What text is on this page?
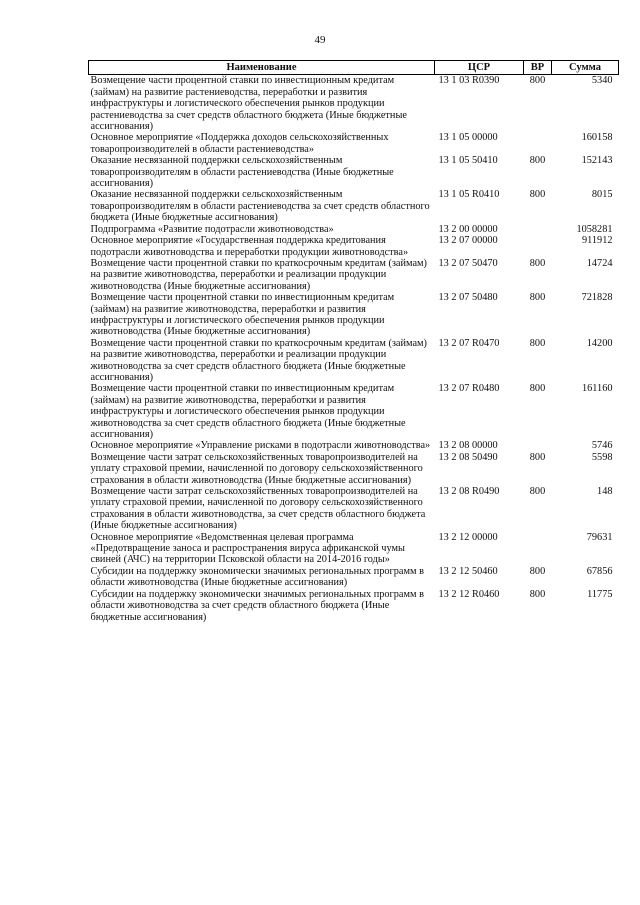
49
Наименование	ЦСР	ВР	Сумма
Возмещение части процентной ставки по инвестиционным кредитам (займам) на развитие растениеводства, переработки и развития инфраструктуры и логистического обеспечения рынков продукции растениеводства за счет средств областного бюджета (Иные бюджетные ассигнования)	13 1 03 R0390	800	5340
Основное мероприятие «Поддержка доходов сельскохозяйственных товаропроизводителей в области растениеводства»	13 1 05 00000		160158
Оказание несвязанной поддержки сельскохозяйственным товаропроизводителям в области растениеводства (Иные бюджетные ассигнования)	13 1 05 50410	800	152143
Оказание несвязанной поддержки сельскохозяйственным товаропроизводителям в области растениеводства за счет средств областного бюджета (Иные бюджетные ассигнования)	13 1 05 R0410	800	8015
Подпрограмма «Развитие подотрасли животноводства»	13 2 00 00000		1058281
Основное мероприятие «Государственная поддержка кредитования подотрасли животноводства и переработки продукции животноводства»	13 2 07 00000		911912
Возмещение части процентной ставки по краткосрочным кредитам (займам) на развитие животноводства, переработки и реализации продукции животноводства (Иные бюджетные ассигнования)	13 2 07 50470	800	14724
Возмещение части процентной ставки по инвестиционным кредитам (займам) на развитие животноводства, переработки и развития инфраструктуры и логистического обеспечения рынков продукции животноводства (Иные бюджетные ассигнования)	13 2 07 50480	800	721828
Возмещение части процентной ставки по краткосрочным кредитам (займам) на развитие животноводства, переработки и реализации продукции животноводства за счет средств областного бюджета (Иные бюджетные ассигнования)	13 2 07 R0470	800	14200
Возмещение части процентной ставки по инвестиционным кредитам (займам) на развитие животноводства, переработки и развития инфраструктуры и логистического обеспечения рынков продукции животноводства за счет средств областного бюджета (Иные бюджетные ассигнования)	13 2 07 R0480	800	161160
Основное мероприятие «Управление рисками в подотрасли животноводства»	13 2 08 00000		5746
Возмещение части затрат сельскохозяйственных товаропроизводителей на уплату страховой премии, начисленной по договору сельскохозяйственного страхования в области животноводства (Иные бюджетные ассигнования)	13 2 08 50490	800	5598
Возмещение части затрат сельскохозяйственных товаропроизводителей на уплату страховой премии, начисленной по договору сельскохозяйственного страхования в области животноводства, за счет средств областного бюджета (Иные бюджетные ассигнования)	13 2 08 R0490	800	148
Основное мероприятие «Ведомственная целевая программа «Предотвращение заноса и распространения вируса африканской чумы свиней (АЧС) на территории Псковской области на 2014-2016 годы»	13 2 12 00000		79631
Субсидии на поддержку экономически значимых региональных программ в области животноводства (Иные бюджетные ассигнования)	13 2 12 50460	800	67856
Субсидии на поддержку экономически значимых региональных программ в области животноводства за счет средств областного бюджета (Иные бюджетные ассигнования)	13 2 12 R0460	800	11775
